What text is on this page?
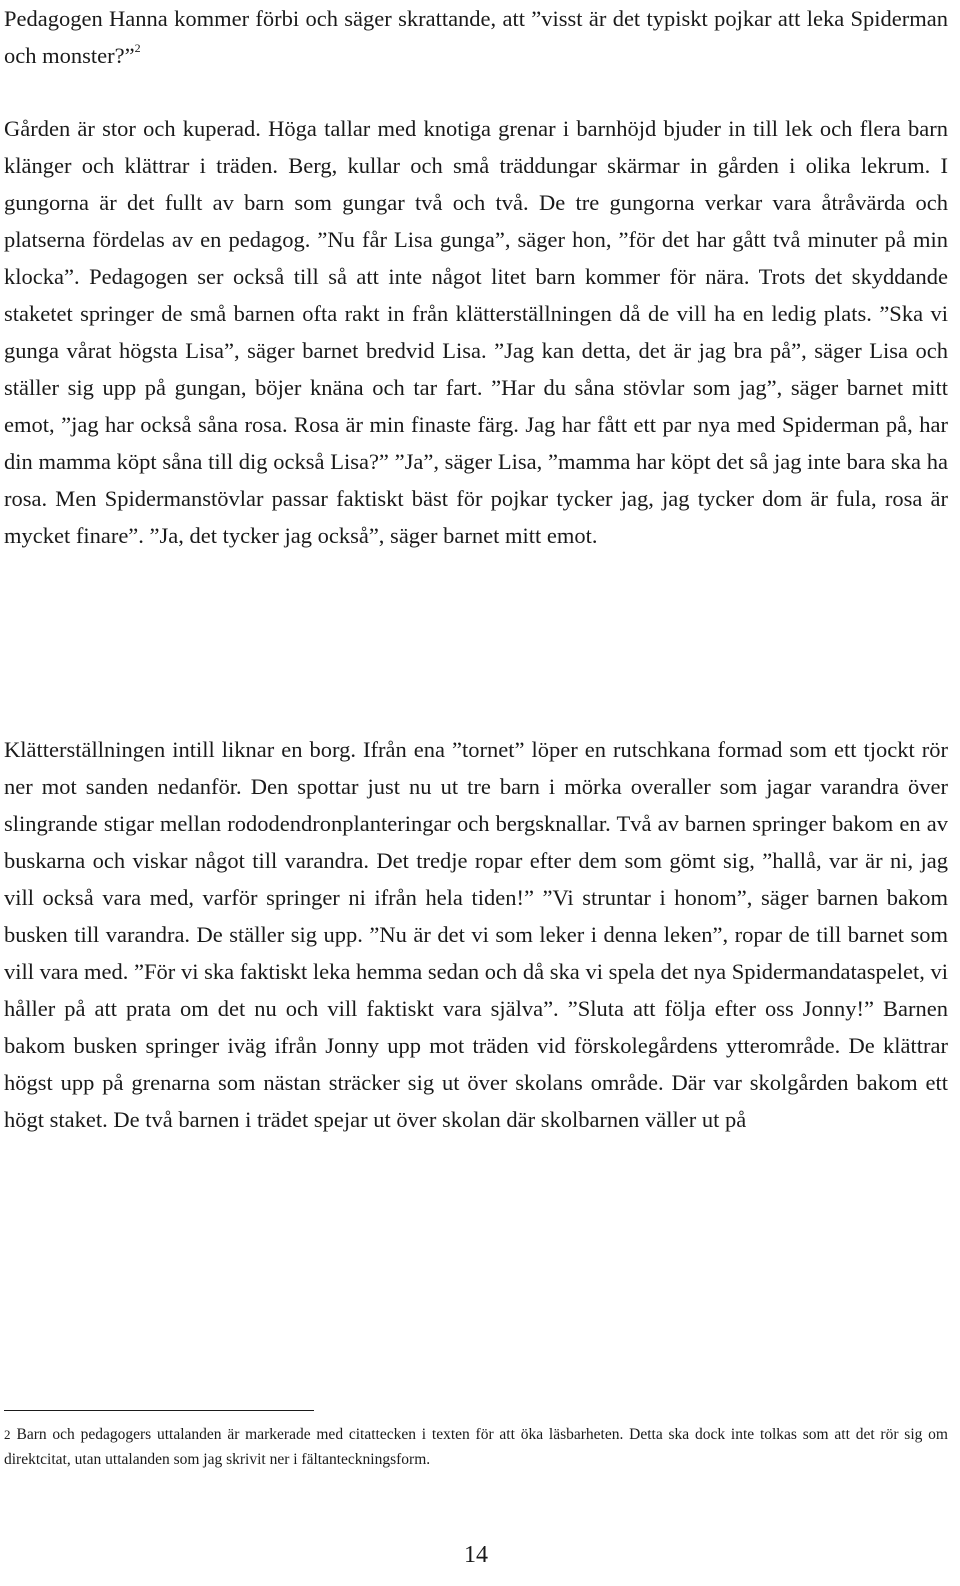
Pedagogen Hanna kommer förbi och säger skrattande, att ”visst är det typiskt pojkar att leka Spiderman och monster?”$^2$

Gården är stor och kuperad. Höga tallar med knotiga grenar i barnhöjd bjuder in till lek och flera barn klänger och klättrar i träden. Berg, kullar och små träddungar skärmar in gården i olika lekrum. I gungorna är det fullt av barn som gungar två och två. De tre gungorna verkar vara åtråvärda och platserna fördelas av en pedagog. ”Nu får Lisa gunga”, säger hon, ”för det har gått två minuter på min klocka”. Pedagogen ser också till så att inte något litet barn kommer för nära. Trots det skyddande staketet springer de små barnen ofta rakt in från klätterställningen då de vill ha en ledig plats. ”Ska vi gunga vårat högsta Lisa”, säger barnet bredvid Lisa. ”Jag kan detta, det är jag bra på”, säger Lisa och ställer sig upp på gungan, böjer knäna och tar fart. ”Har du såna stövlar som jag”, säger barnet mitt emot, ”jag har också såna rosa. Rosa är min finaste färg. Jag har fått ett par nya med Spiderman på, har din mamma köpt såna till dig också Lisa?” ”Ja”, säger Lisa, ”mamma har köpt det så jag inte bara ska ha rosa. Men Spidermanstövlar passar faktiskt bäst för pojkar tycker jag, jag tycker dom är fula, rosa är mycket finare”. ”Ja, det tycker jag också”, säger barnet mitt emot.

Klätterställningen intill liknar en borg. Ifrån ena ”tornet” löper en rutschkana formad som ett tjockt rör ner mot sanden nedanför. Den spottar just nu ut tre barn i mörka overaller som jagar varandra över slingrande stigar mellan rododendronplanteringar och bergsknallar. Två av barnen springer bakom en av buskarna och viskar något till varandra. Det tredje ropar efter dem som gömt sig, ”hallå, var är ni, jag vill också vara med, varför springer ni ifrån hela tiden!” ”Vi struntar i honom”, säger barnen bakom busken till varandra. De ställer sig upp. ”Nu är det vi som leker i denna leken”, ropar de till barnet som vill vara med. ”För vi ska faktiskt leka hemma sedan och då ska vi spela det nya Spidermandataspelet, vi håller på att prata om det nu och vill faktiskt vara själva”. ”Sluta att följa efter oss Jonny!” Barnen bakom busken springer iväg ifrån Jonny upp mot träden vid förskolegårdens ytterområde. De klättrar högst upp på grenarna som nästan sträcker sig ut över skolans område. Där var skolgården bakom ett högt staket. De två barnen i trädet spejar ut över skolan där skolbarnen väller ut på

2 Barn och pedagogers uttalanden är markerade med citattecken i texten för att öka läsbarheten. Detta ska dock inte tolkas som att det rör sig om direktcitat, utan uttalanden som jag skrivit ner i fältanteckningsform.

14
